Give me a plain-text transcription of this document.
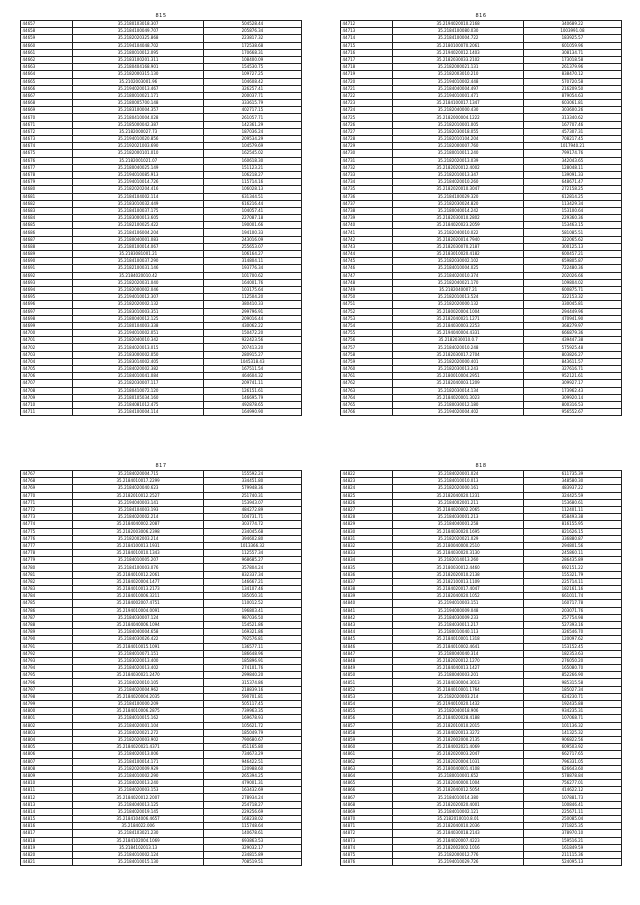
815
44657	35.2180103018.307	504528.44
44658	35.2184100049.707	205876.34
44659	35.2182020325.868	223817.32
44660	35.2194104048.702	172538.68
44661	35.2180010012.095	170668.31
44662	35.2183100201.311	108400.09
44663	35.2180404168.901	154530.75
44664	35.2182000315.130	109727.25
44665	35.2102003001.96	104608.42
44666	35.2194020013.467	326257.41
44667	35.2180010021.171	200037.71
44668	35.2180005700.148	333615.79
44669	35.2183100004.357	402717.15
44670	35.2180410004.028	261057.71
44671	35.2185000042.387	142361.29
44672	35.2182000027.73	187036.24
44673	35.2194010020.856	209534.29
44674	35.2192021003.690	104579.69
44675	35.2182000101.010	162545.02
44676	35.2182001021.07	160618.30
44677	35.2180040025.149	151123.21
44678	35.2194010085.913	106218.27
44679	35.2194010014.726	115714.16
44680	35.2182020204.416	106028.13
44681	35.2184104002.114	631344.51
44682	35.2183010032.449	616216.44
44683	35.2184100037.175	104057.41
44684	35.2183000013.605	227087.18
44685	35.2182100025.422	190001.66
44686	35.2184106004.204	194100.33
44687	35.2180040001.083	243016.09
44688	35.2180100014.067	255653.07
44689	35.2183081001.21	106164.27
44690	35.2184100037.290	314804.11
44691	35.2182100031.146	193776.34
44692	35.2184020010.42	101700.62
44693	35.2182020031.040	164001.76
44694	35.2182000002.046	103175.64
44695	35.2194010012.307	112504.20
44696	35.2182020002.132	380410.33
44697	35.2183010003.351	299796.91
44698	35.2180040012.125	209016.44
44699	35.2180104003.338	430062.22
44700	35.2194010002.051	150472.20
44701	35.2182040010.342	922423.56
44702	35.2184020013.015	207413.20
44703	35.2183000002.050	280915.27
44704	35.2183014002.405	1045318.43
44705	35.2184020002.382	167511.54
44706	35.2184010041.084	464604.32
44707	35.2182030007.117	209741.11
44708	35.2180410072.120	126151.61
44709	35.2180105034.160	146695.79
44710	35.2184081012.475	492878.65
44711	35.2184100004.114	164990.90
816
44712	35.2194020010.2168	340689.22
44713	35.2184100080.030	1003991.08
44714	35.2184100004.722	183925.57
44715	35.2180100070.2061	601059.96
44716	35.2194020012.1403	308134.71
44717	35.2182030033.2102	173018.58
44718	35.2182000021.131	261379.96
44719	35.2182003010.210	838470.12
44720	35.2194010002.448	570720.58
44721	35.2184040004.497	216209.50
44722	35.2194010001.471	879054.63
44723	35.2184100017.1347	603061.81
44724	35.2182040000.430	303600.26
44725	35.2182000004.1222	313340.62
44726	35.2182010001.005	167707.46
44727	35.2182030018.055	457307.31
44728	35.2182010104.204	708217.45
44729	35.2182000007.760	1017940.21
44730	35.2180010011.240	799174.76
44731	35.2182020013.039	342043.65
44732	35.2182020012.4002	128048.11
44733	35.2182010013.347	139091.33
44734	35.2184020010.260	648671.47
44735	35.2182020010.3047	272158.25
44736	35.2184100029.320	612814.25
44737	35.2182030024.820	113429.34
44738	35.2180040014.242	153100.64
44739	35.2182030010.2802	229360.36
44740	35.2184020023.2059	153463.15
44741	35.2182040010.022	581085.51
44742	35.2182020014.7940	322065.62
44743	35.2182030070.2187	300125.13
44744	35.2183010020.4182	600457.21
44745	35.2182030002.102	659805.87
44746	35.2184010004.025	722480.36
44747	35.2184020010.374	202026.66
44748	35.2182040021.170	109804.02
44749	35.2182040007.21	600875.71
44750	35.2182010013.524	322153.32
44751	35.2182020000.132	330045.81
44752	35.2180020004.1004	294449.96
44753	35.2182040021.1271	470941.90
44754	35.2184030003.2253	368279.97
44755	35.2194040004.4331	666879.36
44756	35.2182030010.0.7	439447.38
44757	35.2184020010.248	575925.48
44758	35.2182030017.2704	803826.27
44759	35.2182020000.401	843611.57
44760	35.2182030013.243	327616.71
44761	35.2180010004.2951	952121.61
44762	35.2182040003.1209	309927.17
44763	35.2182030014.134	173962.43
44764	35.2184020001.3023	309920.14
44765	35.2180030012.180	800316.53
44766	35.2194020004.402	956552.67
817
44767	35.2184020004.715	155592.24
44768	35.2184010017.2299	334451.80
44769	35.2184020040.623	579948.36
44770	35.2182010012.2527	251740.31
44771	35.2194040003.141	153943.07
44772	35.2184104003.193	484272.89
44773	35.2184020002.214	104731.71
44774	35.2184040002.2087	303774.72
44775	35.2182003006.2398	234045.68
44776	35.2182002003.214	394602.80
44777	35.2184100013.1931	1013366.32
44778	35.2184010010.1343	112557.34
44779	35.2184010005.207	968685.27
44780	35.2184100003.076	357804.24
44781	35.2184010012.2061	832337.34
44782	35.2184020004.1477	146667.21
44783	35.2184010013.2173	134107.46
44784	35.2184010006.3211	185050.31
44785	35.2184002007.4751	110012.52
44786	35.2194010004.0091	196803.41
44787	35.2184030007.124	987036.50
44788	35.2184040006.1094	154521.86
44789	35.2184040004.658	169321.86
44790	35.2184030026.422	792576.81
44791	35.2184010015.1091	136577.11
44792	35.2184010071.151	186648.96
44793	35.2183020013.400	185896.91
44794	35.2184020013.402	274101.76
44795	35.2184030021.2470	299840.20
44796	35.2184020010.105	315374.86
44797	35.2184020004.962	218839.16
44798	35.2184020004.2035	590701.81
44799	35.2184100000.209	505117.45
44800	35.2184010006.2875	739963.35
44801	35.2184010015.162	169678.93
44802	35.2184020001.104	105621.72
44803	35.2184020021.272	185049.79
44804	35.2182020003.902	790680.67
44805	35.2184020021.4371	451165.80
44806	35.2184020013.006	734673.29
44807	35.2184100014.171	946422.51
44808	35.2182020009.929	120988.60
44809	35.2184010002.290	265394.25
44810	35.2184020013.240	479001.31
44811	35.2184020003.153	163432.69
44812	35.2184020012.2007	278934.24
44813	35.2184040013.125	254718.27
44814	35.2184020019.145	229256.69
44815	35.2184104006.4657	168238.02
44816	35.2184022.006	115748.64
44817	35.2184103021.230	140678.61
44818	35.2184102004.1069	693863.53
44819	35.2184102013.13	329032.17
44820	35.2184010002.124	234815.89
44821	35.2184010015.130	708519.51
818
44822	35.2184020001.024	611735.39
44823	35.2184010010.013	348580.30
44824	35.2182020000.161	483937.22
44825	35.2182040020.1231	324425.59
44826	35.2184002001.211	153680.61
44827	35.2184020002.2065	112401.11
44828	35.2184030001.213	658493.38
44829	35.2184040001.258	816155.95
44830	35.2184030020.1695	821626.15
44831	35.2182020021.029	336880.87
44832	35.2180040000.2510	294801.56
44833	35.2184030020.3130	245860.11
44834	35.2182014013.260	286435.89
44835	35.2180030012.4460	692151.22
44836	35.2182020010.2138	155321.79
44837	35.2182100013.1109	225714.11
44838	35.2184020017.4047	182161.16
44839	35.2182040020.1052	661011.74
44840	35.2194010003.151	160717.78
44841	35.2194000009.048	203071.76
44842	35.2184030009.233	257754.98
44843	35.2184030011.217	527393.16
44844	35.2180010040.113	326546.70
44845	35.2184010001.1318	120097.62
44846	35.2184010002.4641	153152.45
44847	35.2180040040.314	182353.63
44848	35.2182020012.1270	276050.20
44849	35.2184040013.1427	165080.70
44850	35.2180040003.201	852266.90
44851	35.2184030004.3013	985315.58
44852	35.2184010001.1764	185027.34
44853	35.2182020003.214	624230.71
44854	35.2194010020.1432	192435.88
44855	35.2182040018.906	934235.31
44856	35.2184020028.4188	107068.71
44857	35.2182010010.2015	101136.32
44858	35.2184020013.3272	141325.32
44859	35.2182002000.2135	906822.56
44860	35.2184002021.4069	609503.92
44861	35.2182020003.2047	662717.65
44862	35.2182020004.1031	796331.05
44863	35.2180040001.4108	626643.60
44864	35.2180010001.652	578878.84
44865	35.2182040000.1004	756277.01
44866	35.2182040012.5054	414622.12
44867	35.2184010014.380	107881.73
44868	35.2182020020.4001	100846.41
44869	35.2184010002.121	225671.11
44870	35.2182010010.8.01	250085.04
44871	35.2182040010.2036	271825.35
44872	35.2184030018.2143	378970.10
44873	35.2184020007.4223	159516.21
44874	35.2182002002.1016	161849.59
44875	35.2182000012.776	211115.36
44876	35.2194010029.726	524095.13
